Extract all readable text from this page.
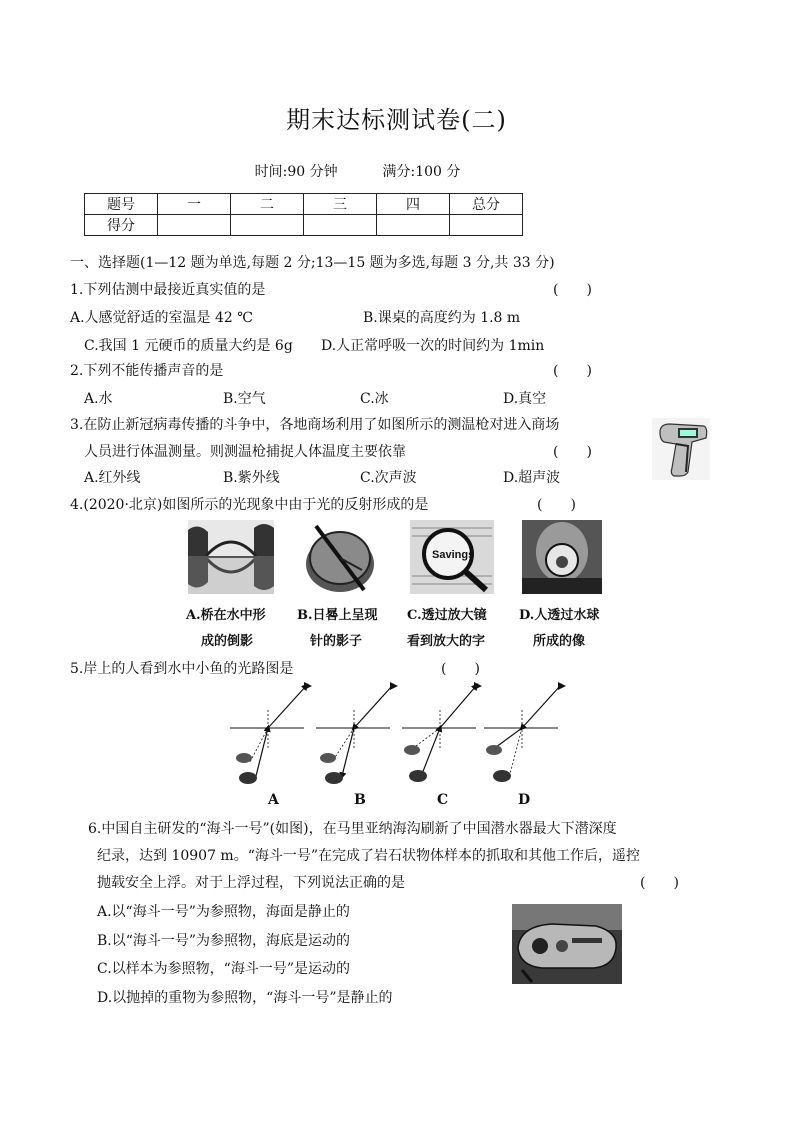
期末达标测试卷(二)
时间:90 分钟	满分:100 分
题号	一	二	三	四	总分
得分					
一、选择题(1—12 题为单选,每题 2 分;13—15 题为多选,每题 3 分,共 33 分)
1.下列估测中最接近真实值的是	(　　)
A.人感觉舒适的室温是 42 ℃	B.课桌的高度约为 1.8 m
C.我国 1 元硬币的质量大约是 6g D.人正常呼吸一次的时间约为 1min
2.下列不能传播声音的是	(　　)
A.水	B.空气	C.冰	D.真空
3.在防止新冠病毒传播的斗争中，各地商场利用了如图所示的测温枪对进入商场
人员进行体温测量。则测温枪捕捉人体温度主要依靠	(　　)
A.红外线	B.紫外线	C.次声波	D.超声波
4.(2020·北京)如图所示的光现象中由于光的反射形成的是	(　　)
Savings
A.桥在水中形
成的倒影
B.日晷上呈现
针的影子
C.透过放大镜
看到放大的字
D.人透过水球
所成的像
5.岸上的人看到水中小鱼的光路图是	(　　)
A	B	C	D
6.中国自主研发的“海斗一号”(如图)，在马里亚纳海沟刷新了中国潜水器最大下潜深度
纪录，达到 10907 m。“海斗一号”在完成了岩石状物体样本的抓取和其他工作后，遥控
抛载安全上浮。对于上浮过程，下列说法正确的是	(　　)
A.以“海斗一号”为参照物，海面是静止的
B.以“海斗一号”为参照物，海底是运动的
C.以样本为参照物，“海斗一号”是运动的
D.以抛掉的重物为参照物，“海斗一号”是静止的
